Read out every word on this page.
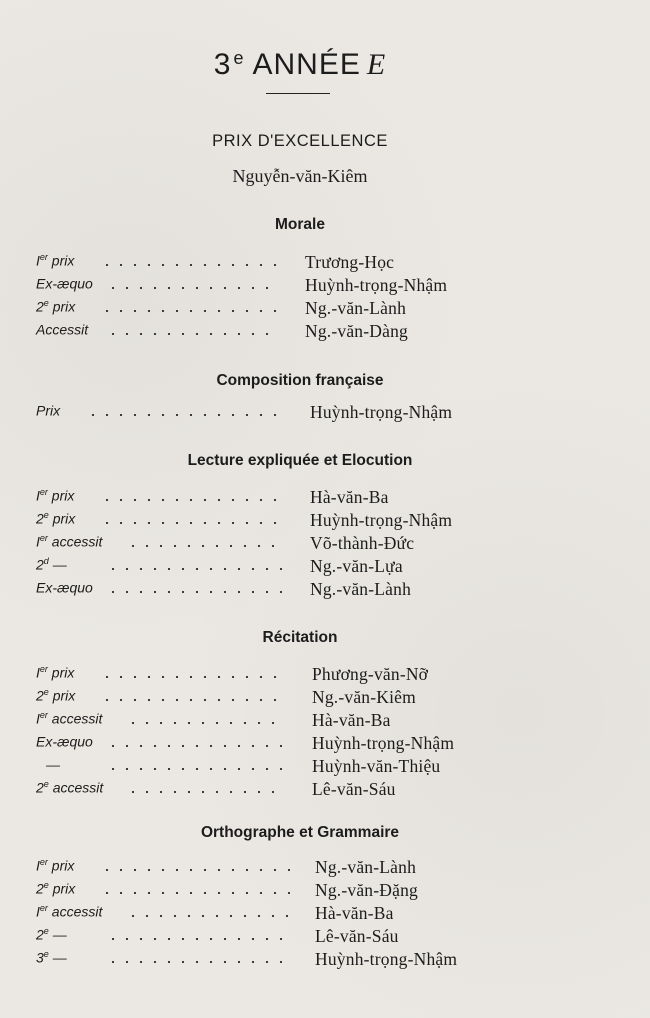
3 $^e$ ANNÉE E
PRIX D'EXCELLENCE
Nguyễn-văn-Kiêm
Morale
Ier prix	Trương-Học
Ex-æquo	Huỳnh-trọng-Nhậm
2e prix	Ng.-văn-Lành
Accessit	Ng.-văn-Dàng
Composition française
Prix	Huỳnh-trọng-Nhậm
Lecture expliquée et Elocution
Ier prix	Hà-văn-Ba
2e prix	Huỳnh-trọng-Nhậm
Ier accessit	Võ-thành-Đức
2$^d$ —	Ng.-văn-Lựa
Ex-æquo	Ng.-văn-Lành
Récitation
Ier prix	Phương-văn-Nỡ
2e prix	Ng.-văn-Kiêm
Ier accessit	Hà-văn-Ba
Ex-æquo	Huỳnh-trọng-Nhậm
—	Huỳnh-văn-Thiệu
2e accessit	Lê-văn-Sáu
Orthographe et Grammaire
Ier prix	Ng.-văn-Lành
2e prix	Ng.-văn-Đặng
Ier accessit	Hà-văn-Ba
2e —	Lê-văn-Sáu
3e —	Huỳnh-trọng-Nhậm
